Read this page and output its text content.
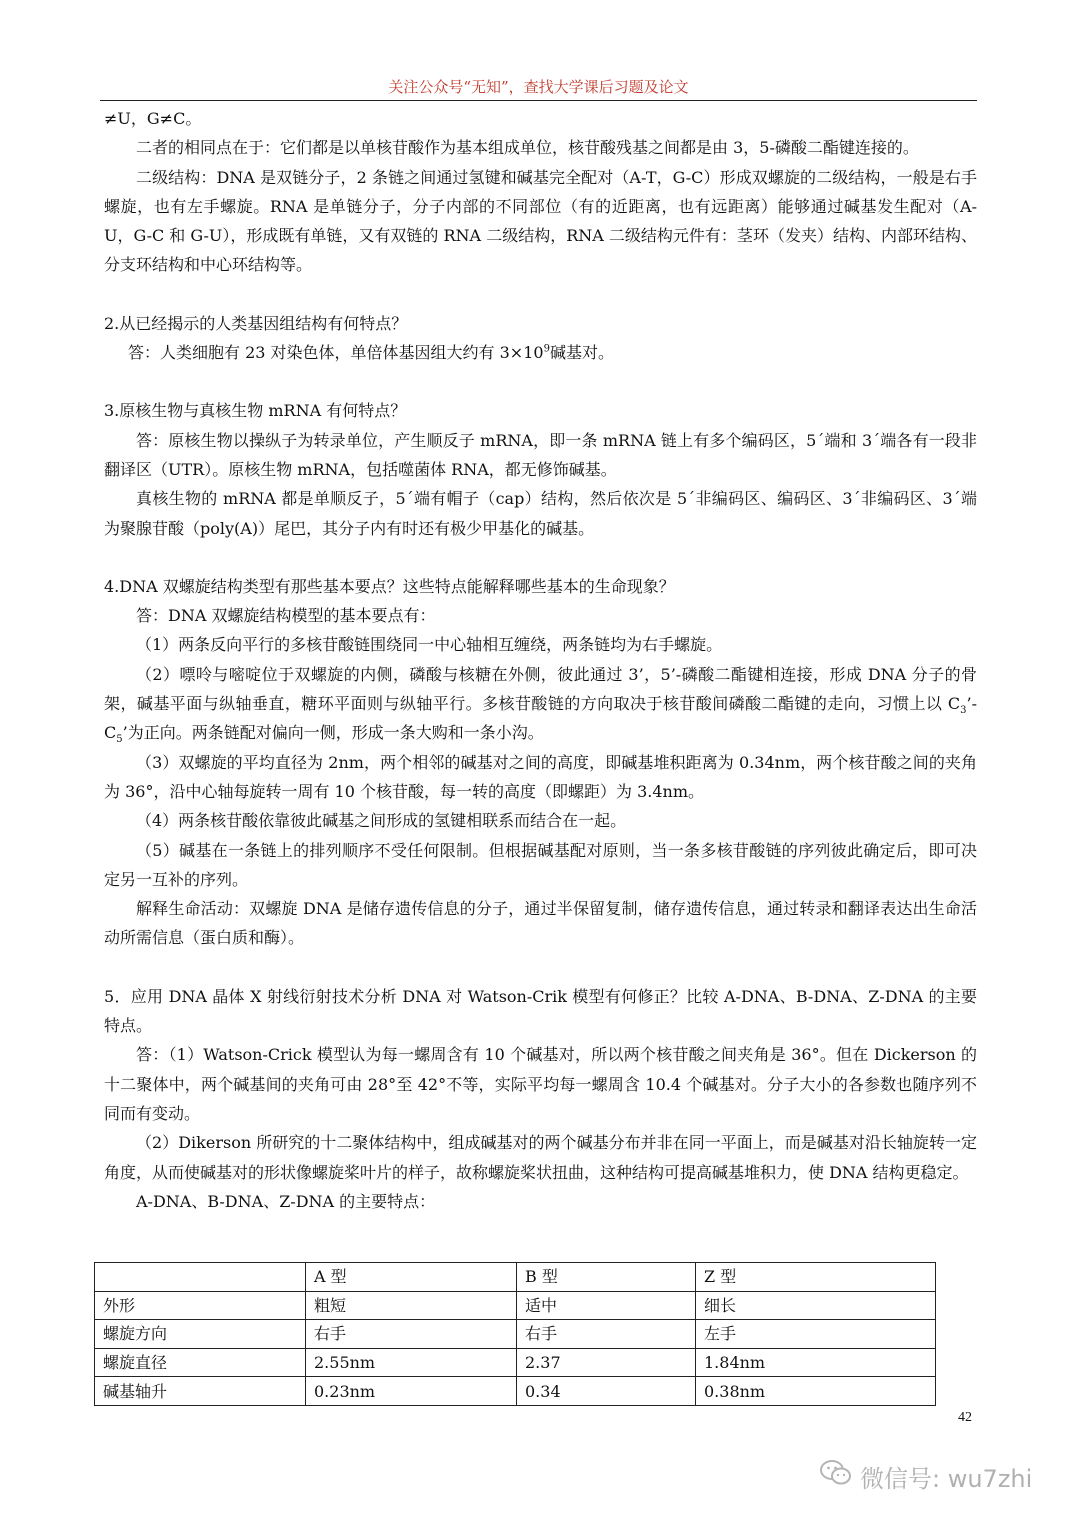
关注公众号“无知”，查找大学课后习题及论文

≠U，G≠C。

二者的相同点在于：它们都是以单核苷酸作为基本组成单位，核苷酸残基之间都是由 3，5-磷酸二酯键连接的。

二级结构：DNA 是双链分子，2 条链之间通过氢键和碱基完全配对（A-T，G-C）形成双螺旋的二级结构，一般是右手螺旋，也有左手螺旋。RNA 是单链分子，分子内部的不同部位（有的近距离，也有远距离）能够通过碱基发生配对（A-U，G-C 和 G-U），形成既有单链，又有双链的 RNA 二级结构，RNA 二级结构元件有：茎环（发夹）结构、内部环结构、分支环结构和中心环结构等。

2.从已经揭示的人类基因组结构有何特点？

答：人类细胞有 23 对染色体，单倍体基因组大约有 $3\times 10^9$碱基对。

3.原核生物与真核生物 mRNA 有何特点？

答：原核生物以操纵子为转录单位，产生顺反子 mRNA，即一条 mRNA 链上有多个编码区，5´端和 3´端各有一段非翻译区（UTR）。原核生物 mRNA，包括噬菌体 RNA，都无修饰碱基。

真核生物的 mRNA 都是单顺反子，5´端有帽子（cap）结构，然后依次是 5´非编码区、编码区、3´非编码区、3´端为聚腺苷酸（poly(A)）尾巴，其分子内有时还有极少甲基化的碱基。

4.DNA 双螺旋结构类型有那些基本要点？这些特点能解释哪些基本的生命现象？

答：DNA 双螺旋结构模型的基本要点有：

（1）两条反向平行的多核苷酸链围绕同一中心轴相互缠绕，两条链均为右手螺旋。

（2）嘌呤与嘧啶位于双螺旋的内侧，磷酸与核糖在外侧，彼此通过 3’，5’-磷酸二酯键相连接，形成 DNA 分子的骨架，碱基平面与纵轴垂直，糖环平面则与纵轴平行。多核苷酸链的方向取决于核苷酸间磷酸二酯键的走向，习惯上以 $C_3’-C_5$’为正向。两条链配对偏向一侧，形成一条大购和一条小沟。

（3）双螺旋的平均直径为 2nm，两个相邻的碱基对之间的高度，即碱基堆积距离为 0.34nm，两个核苷酸之间的夹角为 36°，沿中心轴每旋转一周有 10 个核苷酸，每一转的高度（即螺距）为 3.4nm。

（4）两条核苷酸依靠彼此碱基之间形成的氢键相联系而结合在一起。

（5）碱基在一条链上的排列顺序不受任何限制。但根据碱基配对原则，当一条多核苷酸链的序列彼此确定后，即可决定另一互补的序列。

解释生命活动：双螺旋 DNA 是储存遗传信息的分子，通过半保留复制，储存遗传信息，通过转录和翻译表达出生命活动所需信息（蛋白质和酶）。

5．应用 DNA 晶体 X 射线衍射技术分析 DNA 对 Watson-Crik 模型有何修正？比较 A-DNA、B-DNA、Z-DNA 的主要特点。

答：（1）Watson-Crick 模型认为每一螺周含有 10 个碱基对，所以两个核苷酸之间夹角是 36°。但在 Dickerson 的十二聚体中，两个碱基间的夹角可由 28°至 42°不等，实际平均每一螺周含 10.4 个碱基对。分子大小的各参数也随序列不同而有变动。

（2）Dikerson 所研究的十二聚体结构中，组成碱基对的两个碱基分布并非在同一平面上，而是碱基对沿长轴旋转一定角度，从而使碱基对的形状像螺旋桨叶片的样子，故称螺旋桨状扭曲，这种结构可提高碱基堆积力，使 DNA 结构更稳定。

A-DNA、B-DNA、Z-DNA 的主要特点：

	A 型	B 型	Z 型
外形	粗短	适中	细长
螺旋方向	右手	右手	左手
螺旋直径	2.55nm	2.37	1.84nm
碱基轴升	0.23nm	0.34	0.38nm
42
微信号: wu7zhi
